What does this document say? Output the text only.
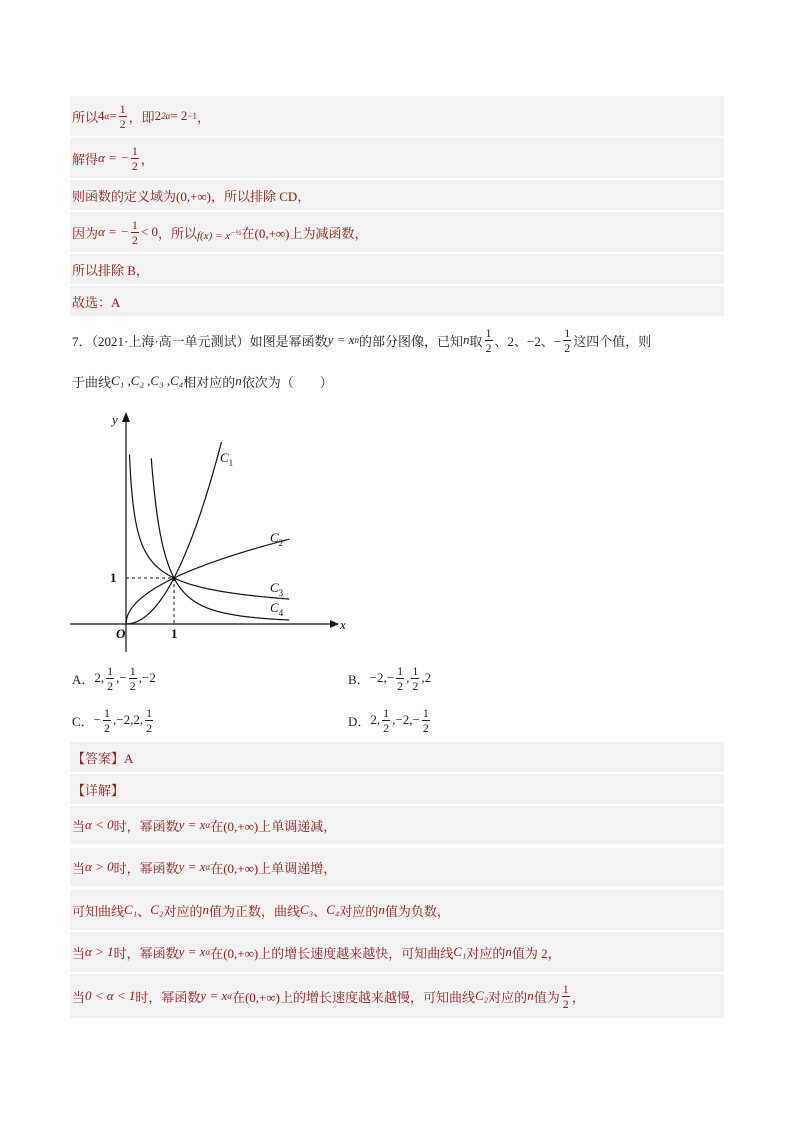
所以 4 $\alpha = \frac{1}{2}$ ，即 2 2α = 2 −1 ，
解得 α = − $\frac{1}{2}$ ，
则函数的定义域为(0,+∞)，所以排除 CD，
因为 α = − $\frac{1}{2} < 0$ ，所以 $f(x) = x^{-\frac{1}{2}}$ 在(0,+∞)上为减函数，
所以排除 B，
故选：A
7．（2021·上海·高一单元测试）如图是幂函数 y = x n 的部分图像，已知 n 取 $\frac{1}{2}$ 、2、−2、− $\frac{1}{2}$ 这四个值，则
于曲线 C₁ ,C₂ ,C₃ ,C₄ 相对应的 n 依次为（　　）
y
x
O	1
1
$C_1$
$C_2$
$C_3$
$C_4$
A． 2, $\frac{1}{2}$ ,− $\frac{1}{2} ,-2$	B． $-2,- \frac{1}{2}$ , $\frac{1}{2} ,2$
C． − $\frac{1}{2} ,-2,2$, $\frac{1}{2}$	D． 2, $\frac{1}{2} ,-2,- \frac{1}{2}$
【答案】A
【详解】
当 α < 0 时，幂函数 y = x α 在(0,+∞)上单调递减，
当 α > 0 时，幂函数 y = x α 在(0,+∞)上单调递增，
可知曲线 C₁ 、 C₂ 对应的 n 值为正数，曲线 C₃ 、 C₄ 对应的 n 值为负数，
当 α > 1 时，幂函数 y = x α 在(0,+∞)上的增长速度越来越快，可知曲线 C₁ 对应的 n 值为 2，
当 0 < α < 1 时，幂函数 y = x α 在(0,+∞)上的增长速度越来越慢，可知曲线 C₂ 对应的 n 值为 $\frac{1}{2}$ ，
